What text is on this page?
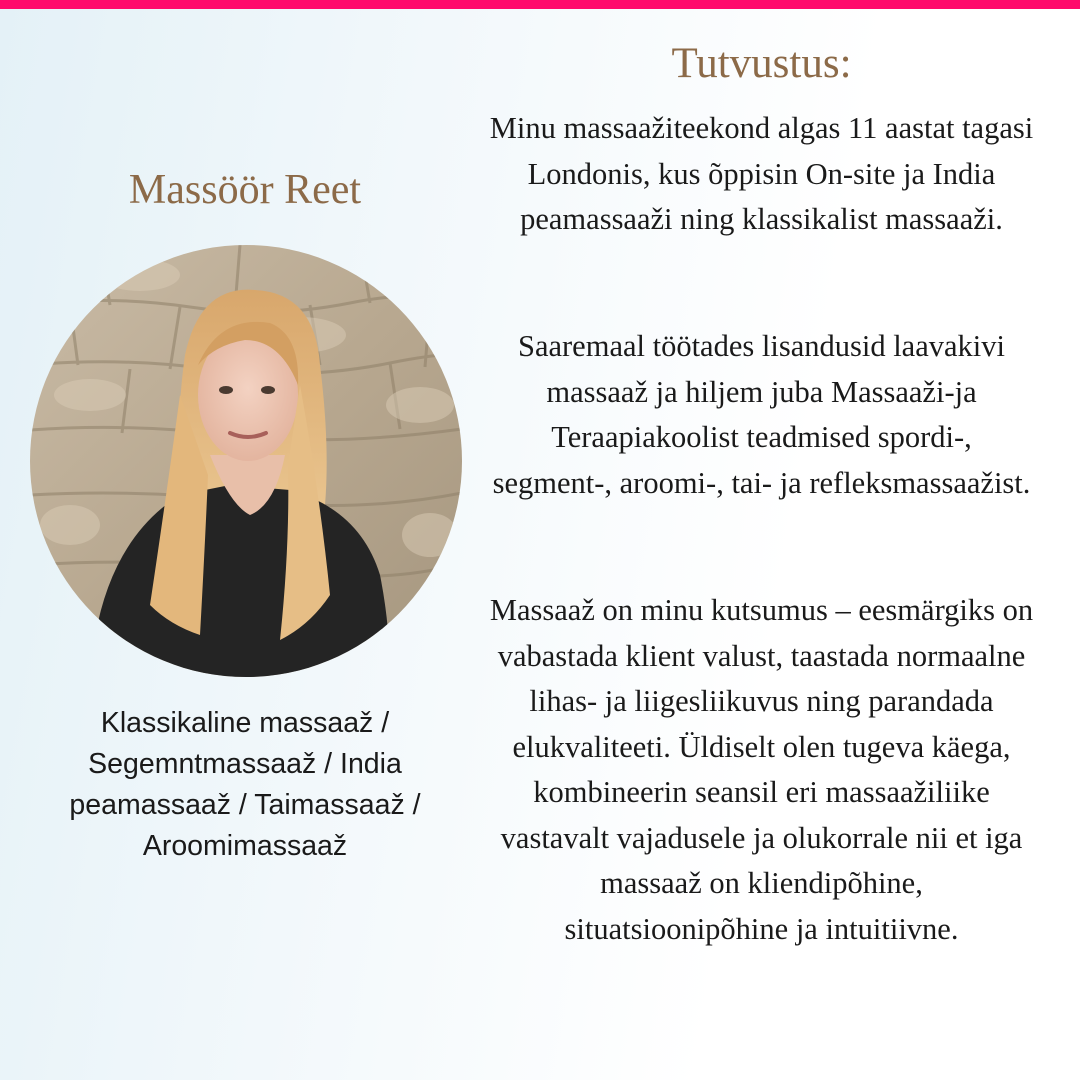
Massöör Reet

Klassikaline massaaž / Segemntmassaaž / India peamassaaž / Taimassaaž / Aroomimassaaž

Tutvustus:

Minu massaažiteekond algas 11 aastat tagasi Londonis, kus õppisin On-site ja India peamassaaži ning klassikalist massaaži.

Saaremaal töötades lisandusid laavakivi massaaž ja hiljem juba Massaaži-ja Teraapiakoolist teadmised spordi-, segment-, aroomi-, tai- ja refleksmassaažist.

Massaaž on minu kutsumus – eesmärgiks on vabastada klient valust, taastada normaalne lihas- ja liigesliikuvus ning parandada elukvaliteeti. Üldiselt olen tugeva käega, kombineerin seansil eri massaažiliike vastavalt vajadusele ja olukorrale nii et iga massaaž on kliendipõhine, situatsioonipõhine ja intuitiivne.
